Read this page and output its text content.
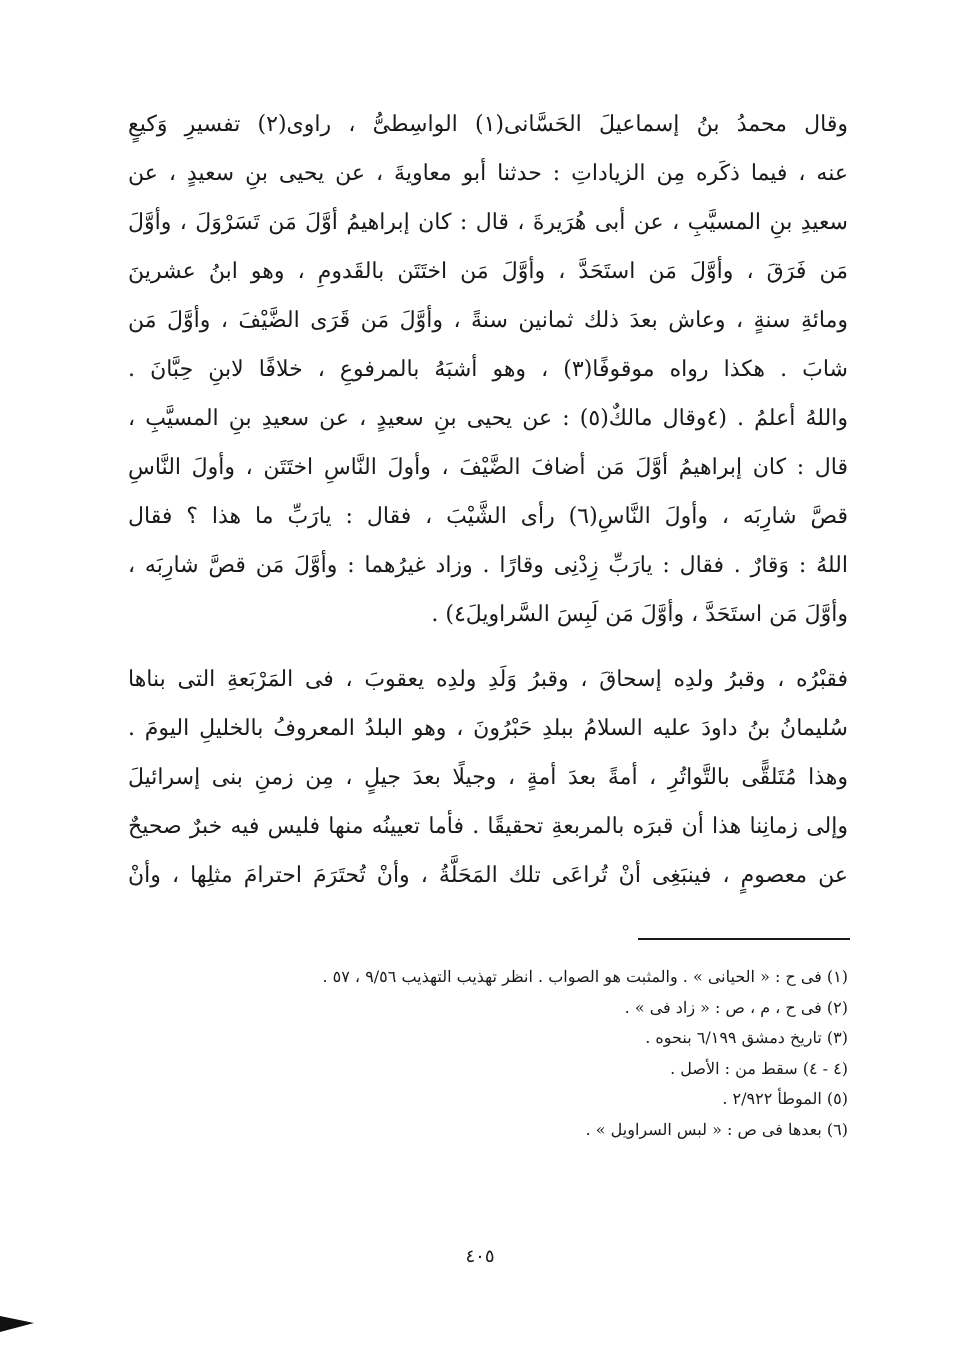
وقال محمدُ بنُ إسماعيلَ الحَسَّانى(١) الواسِطىُّ ، راوى(٢) تفسيرِ وَكيعٍ
عنه ، فيما ذكَره مِن الزياداتِ : حدثنا أبو معاويةَ ، عن يحيى بنِ سعيدٍ ، عن
سعيدِ بنِ المسيَّبِ ، عن أبى هُرَيرةَ ، قال : كان إبراهيمُ أوَّلَ مَن تَسَرْوَلَ ، وأوَّلَ
مَن فَرَقَ ، وأوَّلَ مَن استَحَدَّ ، وأوَّلَ مَن اختَتَن بالقَدومِ ، وهو ابنُ عشرينَ
ومائةِ سنةٍ ، وعاش بعدَ ذلك ثمانين سنةً ، وأوَّلَ مَن قَرَى الضَّيْفَ ، وأوَّلَ مَن
شابَ . هكذا رواه موقوفًا(٣) ، وهو أشبَهُ بالمرفوعِ ، خلافًا لابنِ حِبَّانَ .
واللهُ أعلمُ . (٤وقال مالكٌ(٥) : عن يحيى بنِ سعيدٍ ، عن سعيدِ بنِ المسيَّبِ ،
قال : كان إبراهيمُ أوَّلَ مَن أضافَ الضَّيْفَ ، وأولَ النَّاسِ اختَتَن ، وأولَ النَّاسِ
قصَّ شارِبَه ، وأولَ النَّاسِ(٦) رأى الشَّيْبَ ، فقال : يارَبِّ ما هذا ؟ فقال
اللهُ : وَقارٌ . فقال : يارَبِّ زِدْنِى وقارًا . وزاد غيرُهما : وأوَّلَ مَن قصَّ شارِبَه ،
وأوَّلَ مَن استَحَدَّ ، وأوَّلَ مَن لَبِسَ السَّراويلَ٤) .
فقبْرُه ، وقبرُ ولدِه إسحاقَ ، وقبرُ وَلَدِ ولدِه يعقوبَ ، فى المَرْبَعةِ التى بناها
سُليمانُ بنُ داودَ عليه السلامُ ببلدِ حَبْرُونَ ، وهو البلدُ المعروفُ بالخليلِ اليومَ .
وهذا مُتَلقًّى بالتَّواتُرِ ، أمةً بعدَ أمةٍ ، وجيلًا بعدَ جيلٍ ، مِن زمنِ بنى إسرائيلَ
وإلى زمانِنا هذا أن قبرَه بالمربعةِ تحقيقًا . فأما تعيينُه منها فليس فيه خبرٌ صحيحٌ
عن معصومٍ ، فينبَغِى أنْ تُراعَى تلك المَحَلَّةُ ، وأنْ تُحتَرَمَ احترامَ مثلِها ، وأنْ
(١) فى ح : « الحيانى » . والمثبت هو الصواب . انظر تهذيب التهذيب ٩/٥٦ ، ٥٧ .
(٢) فى ح ، م ، ص : « زاد فى » .
(٣) تاريخ دمشق ٦/١٩٩ بنحوه .
(٤ - ٤) سقط من : الأصل .
(٥) الموطأ ٢/٩٢٢ .
(٦) بعدها فى ص : « لبس السراويل » .
٤٠٥
